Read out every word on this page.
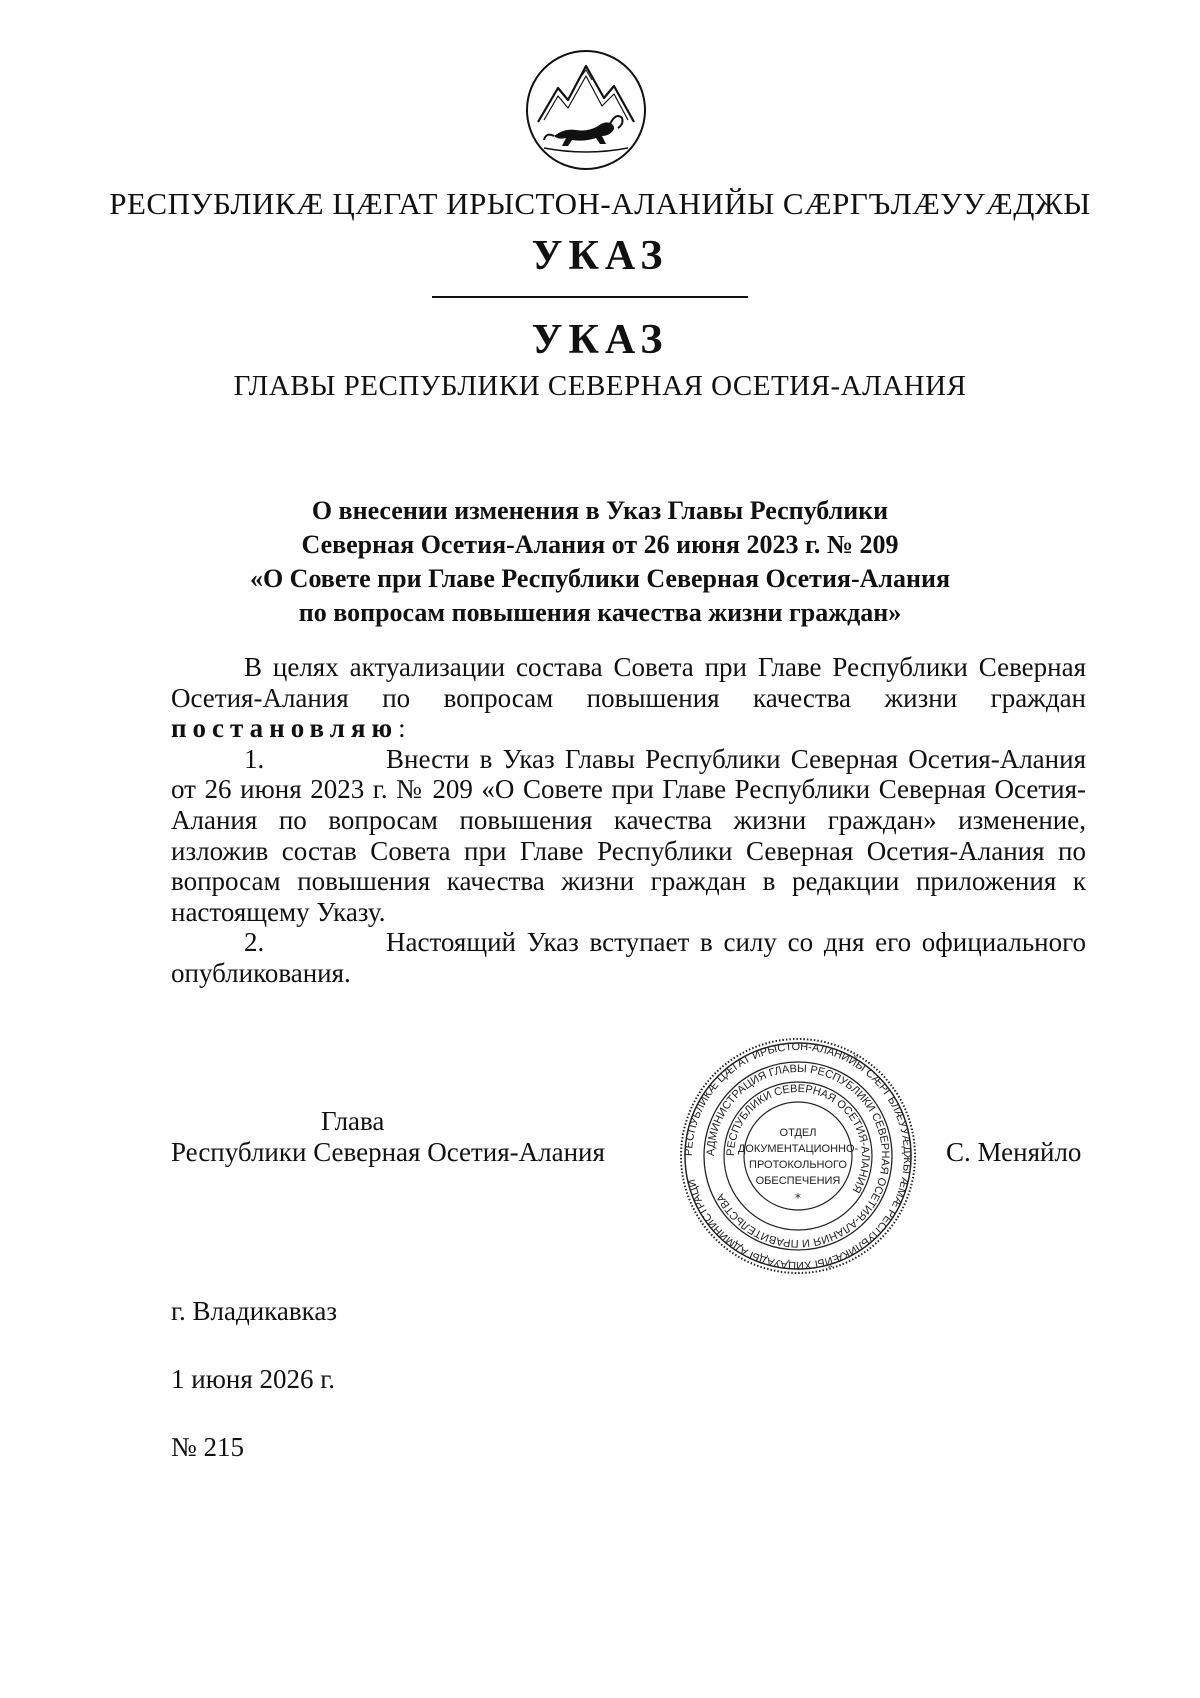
РЕСПУБЛИКӔ ЦӔГАТ ИРЫСТОН-АЛАНИЙЫ СӔРГЪЛӔУУӔДЖЫ
УКАЗ
УКАЗ
ГЛАВЫ РЕСПУБЛИКИ СЕВЕРНАЯ ОСЕТИЯ-АЛАНИЯ
О внесении изменения в Указ Главы Республики
Северная Осетия-Алания от 26 июня 2023 г. № 209
«О Совете при Главе Республики Северная Осетия-Алания
по вопросам повышения качества жизни граждан»

В целях актуализации состава Совета при Главе Республики Северная Осетия-Алания по вопросам повышения качества жизни граждан постановляю:

1.	Внести в Указ Главы Республики Северная Осетия-Алания от 26 июня 2023 г. № 209 «О Совете при Главе Республики Северная Осетия-Алания по вопросам повышения качества жизни граждан» изменение, изложив состав Совета при Главе Республики Северная Осетия-Алания по вопросам повышения качества жизни граждан в редакции приложения к настоящему Указу.

2.	Настоящий Указ вступает в силу со дня его официального опубликования.

Глава
Республики Северная Осетия-Алания	РЕСПУБЛИКӔ ЦӔГАТ ИРЫСТОН-АЛАНИЙЫ СӔРГЪЛӔУУӔДЖЫ ӔМӔ РЕСПУБЛИКӔЙЫ ХИЦАУАДЫ АДМИНИСТРАЦИ
АДМИНИСТРАЦИЯ ГЛАВЫ РЕСПУБЛИКИ СЕВЕРНАЯ ОСЕТИЯ-АЛАНИЯ И ПРАВИТЕЛЬСТВА
РЕСПУБЛИКИ СЕВЕРНАЯ ОСЕТИЯ-АЛАНИЯ
ОТДЕЛ
ДОКУМЕНТАЦИОННО-
ПРОТОКОЛЬНОГО
ОБЕСПЕЧЕНИЯ
*
С. Меняйло
г. Владикавказ
1 июня 2026 г.
№ 215
